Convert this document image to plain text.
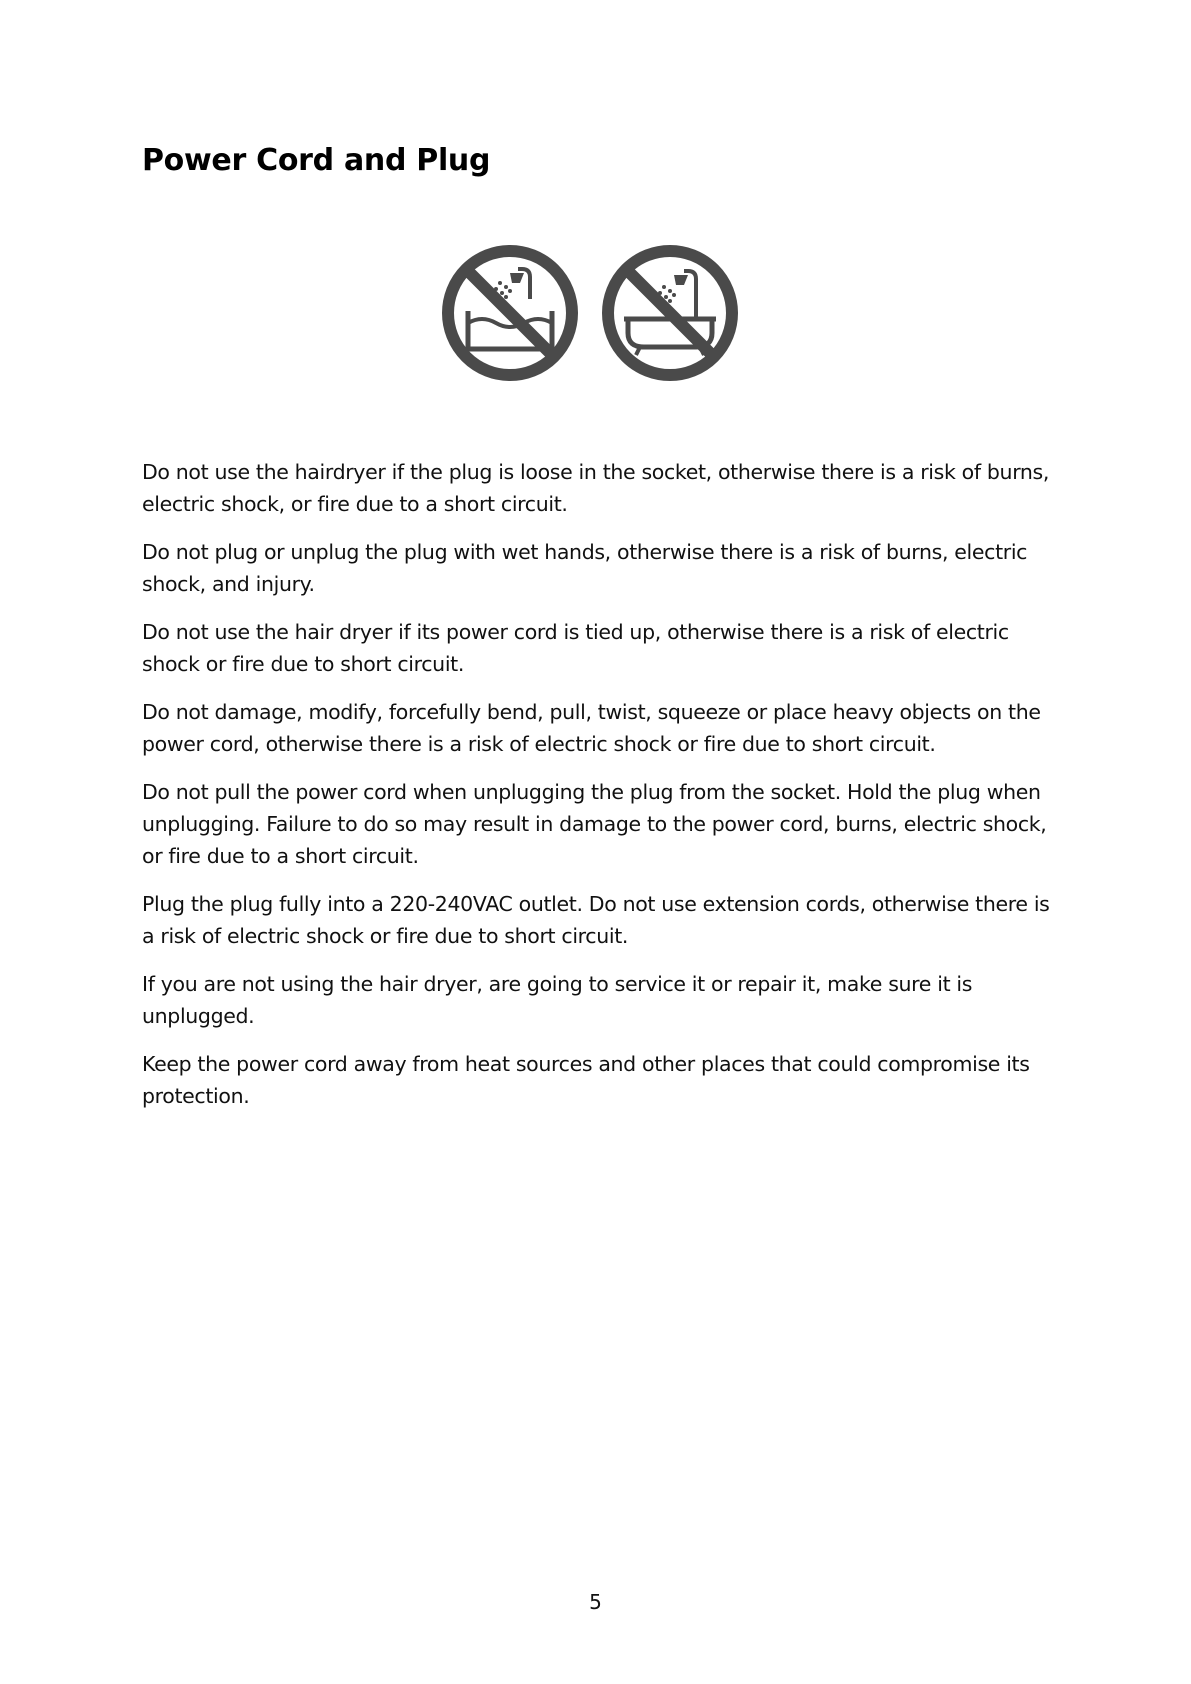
Power Cord and Plug

Do not use the hairdryer if the plug is loose in the socket, otherwise there is a risk of burns, electric shock, or fire due to a short circuit.

Do not plug or unplug the plug with wet hands, otherwise there is a risk of burns, electric shock, and injury.

Do not use the hair dryer if its power cord is tied up, otherwise there is a risk of electric shock or fire due to short circuit.

Do not damage, modify, forcefully bend, pull, twist, squeeze or place heavy objects on the power cord, otherwise there is a risk of electric shock or fire due to short circuit.

Do not pull the power cord when unplugging the plug from the socket. Hold the plug when unplugging. Failure to do so may result in damage to the power cord, burns, electric shock, or fire due to a short circuit.

Plug the plug fully into a 220-240VAC outlet. Do not use extension cords, otherwise there is a risk of electric shock or fire due to short circuit.

If you are not using the hair dryer, are going to service it or repair it, make sure it is unplugged.

Keep the power cord away from heat sources and other places that could compromise its protection.

5
